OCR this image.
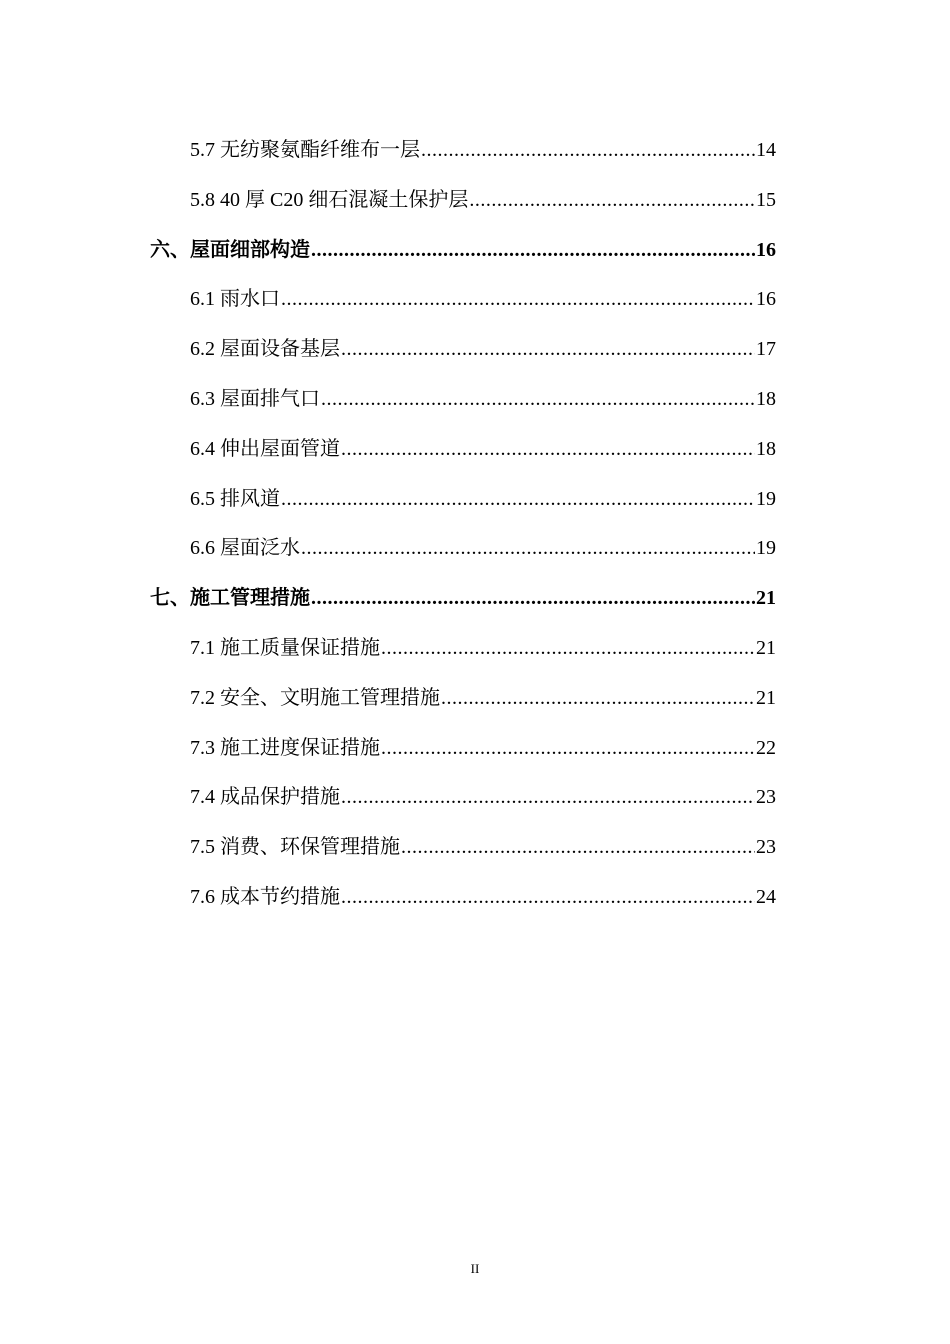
5.7 无纺聚氨酯纤维布一层 .....	14
5.8 40 厚 C20 细石混凝土保护层 .....	15
六、屋面细部构造 .....	16
6.1 雨水口 .....	16
6.2 屋面设备基层 .....	17
6.3 屋面排气口 .....	18
6.4 伸出屋面管道 .....	18
6.5 排风道 .....	19
6.6 屋面泛水 .....	19
七、施工管理措施 .....	21
7.1 施工质量保证措施 .....	21
7.2 安全、文明施工管理措施 .....	21
7.3 施工进度保证措施 .....	22
7.4 成品保护措施 .....	23
7.5 消费、环保管理措施 .....	23
7.6 成本节约措施 .....	24
II
